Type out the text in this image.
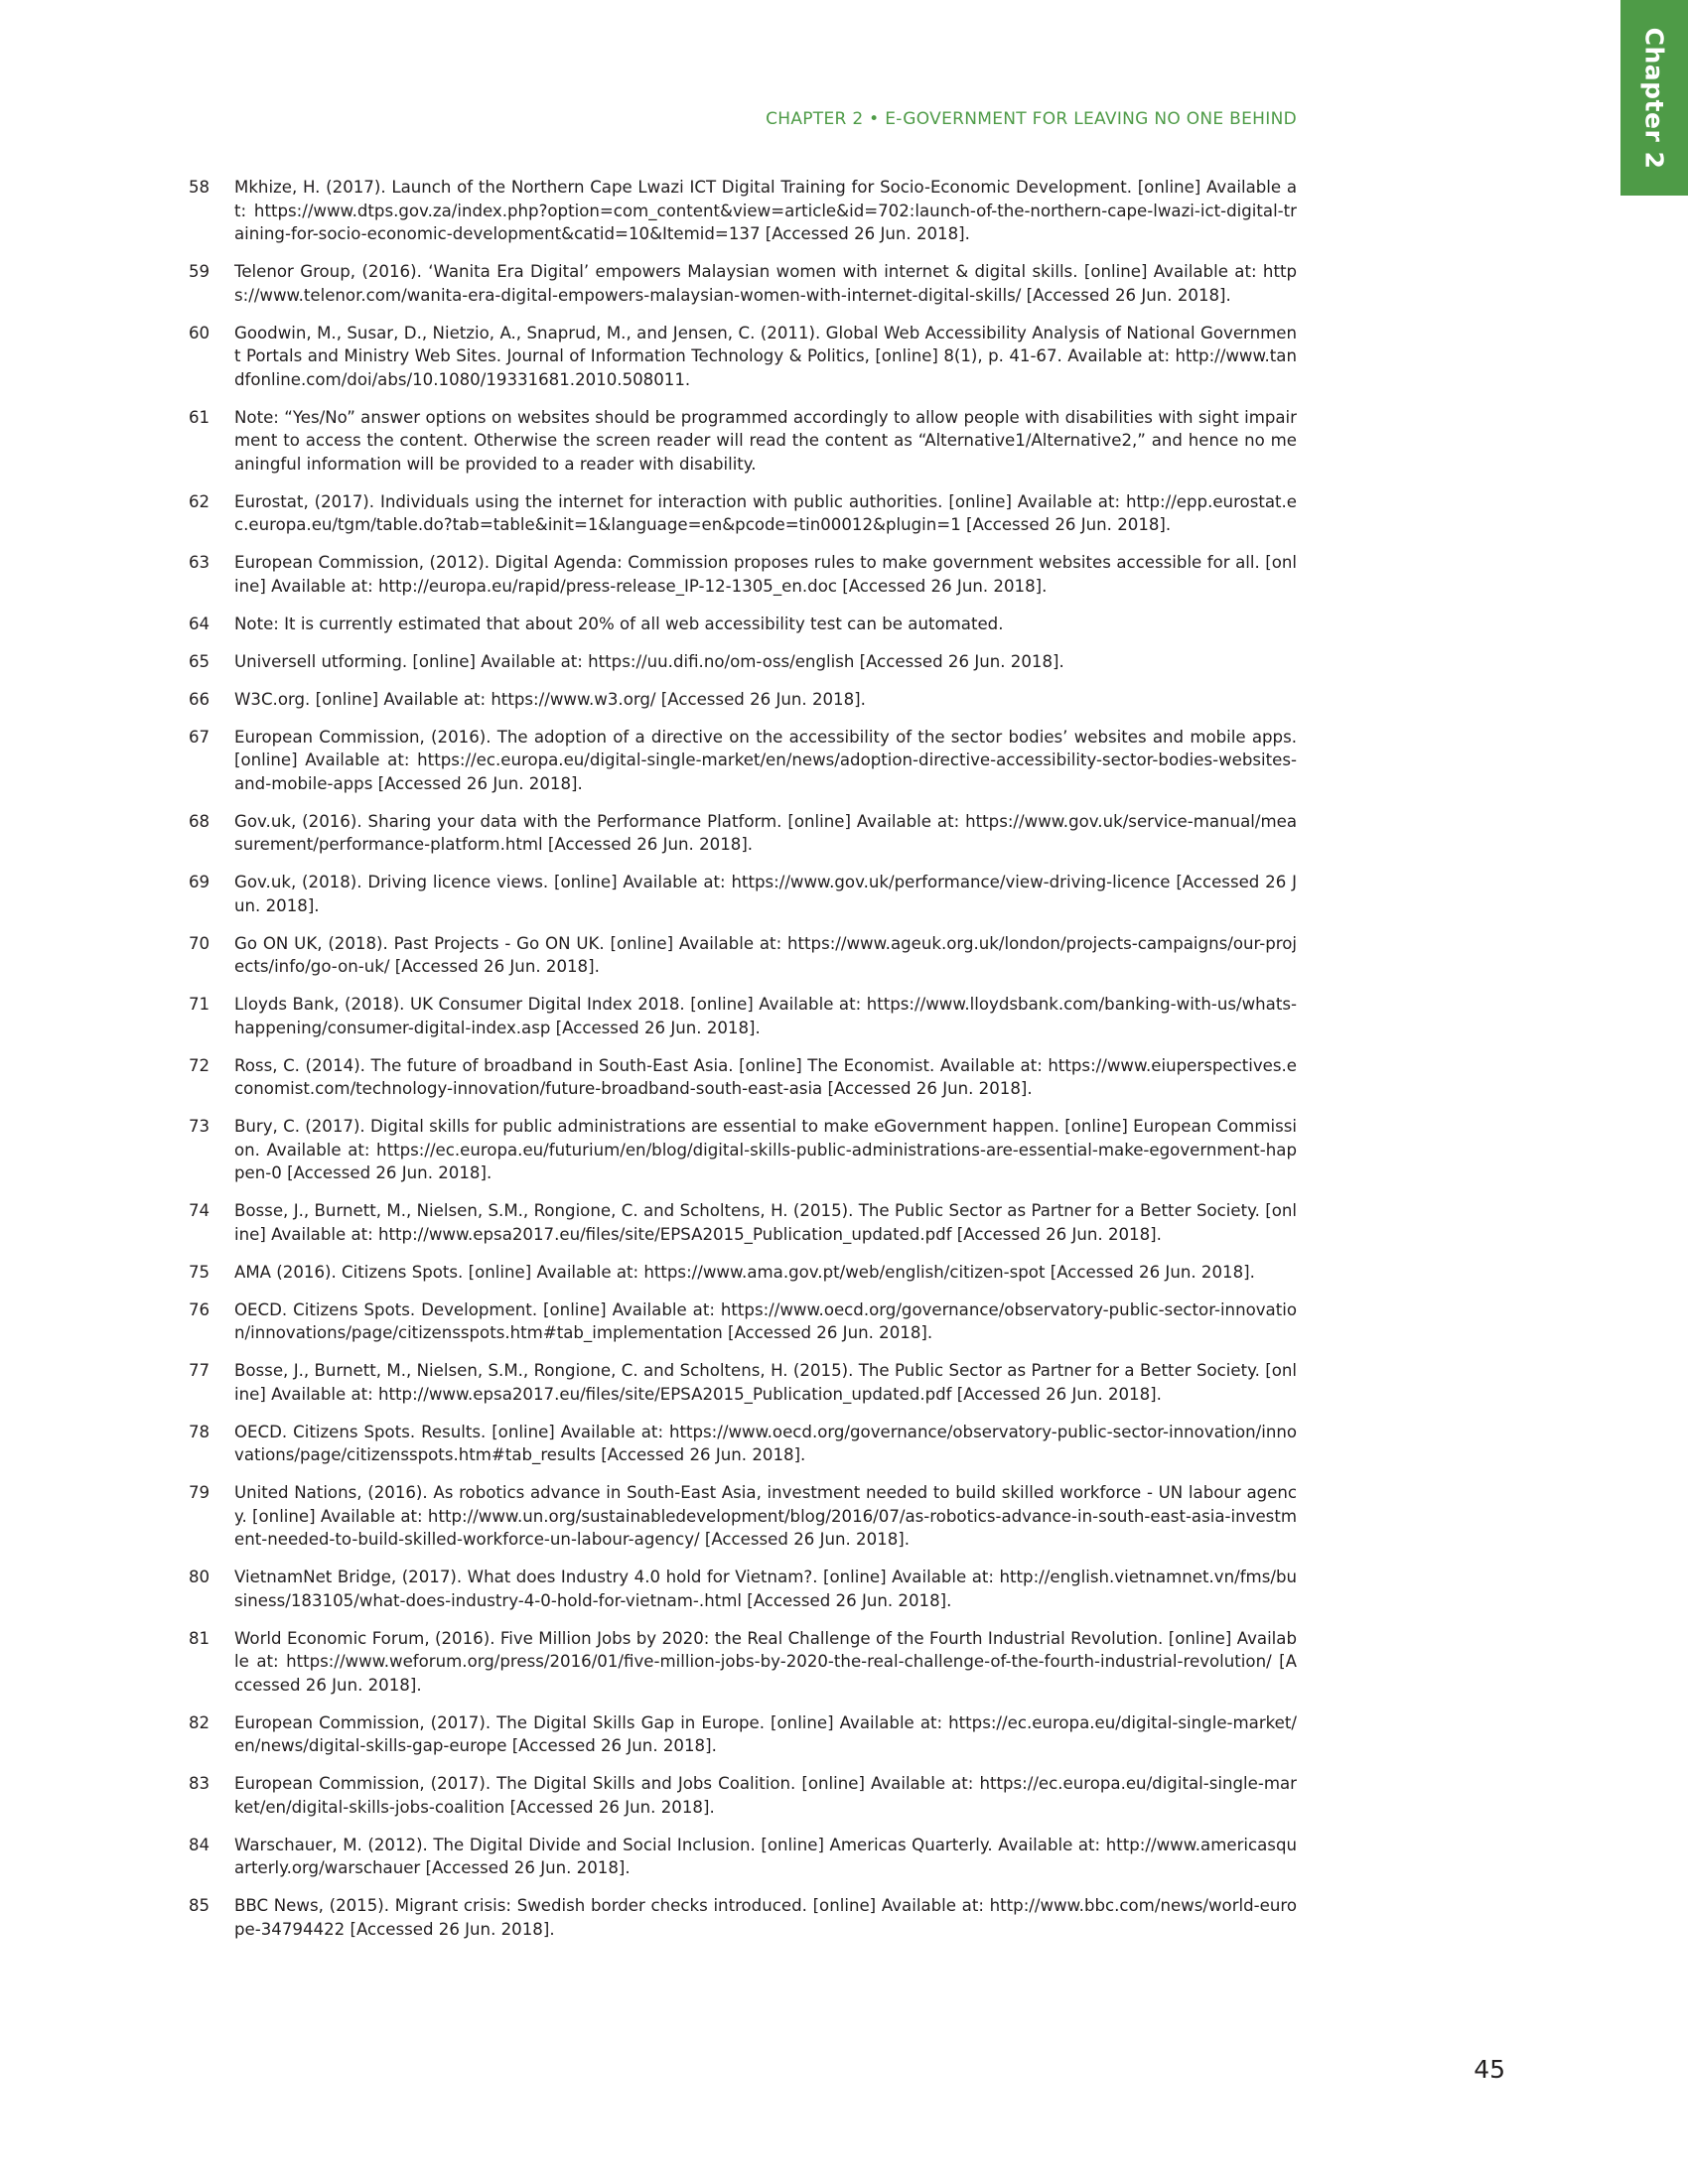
Chapter 2
CHAPTER 2 • E-GOVERNMENT FOR LEAVING NO ONE BEHIND
58	Mkhize, H. (2017). Launch of the Northern Cape Lwazi ICT Digital Training for Socio-Economic Development. [online] Available at: https://www.dtps.gov.za/index.php?option=com_content&view=article&id=702:launch-of-the-northern-cape-lwazi-ict-digital-training-for-socio-economic-development&catid=10&Itemid=137 [Accessed 26 Jun. 2018].
59	Telenor Group, (2016). ‘Wanita Era Digital’ empowers Malaysian women with internet & digital skills. [online] Available at: https://www.telenor.com/wanita-era-digital-empowers-malaysian-women-with-internet-digital-skills/ [Accessed 26 Jun. 2018].
60	Goodwin, M., Susar, D., Nietzio, A., Snaprud, M., and Jensen, C. (2011). Global Web Accessibility Analysis of National Government Portals and Ministry Web Sites. Journal of Information Technology & Politics, [online] 8(1), p. 41-67. Available at: http://www.tandfonline.com/doi/abs/10.1080/19331681.2010.508011.
61	Note: “Yes/No” answer options on websites should be programmed accordingly to allow people with disabilities with sight impairment to access the content. Otherwise the screen reader will read the content as “Alternative1/Alternative2,” and hence no meaningful information will be provided to a reader with disability.
62	Eurostat, (2017). Individuals using the internet for interaction with public authorities. [online] Available at: http://epp.eurostat.ec.europa.eu/tgm/table.do?tab=table&init=1&language=en&pcode=tin00012&plugin=1 [Accessed 26 Jun. 2018].
63	European Commission, (2012). Digital Agenda: Commission proposes rules to make government websites accessible for all. [online] Available at: http://europa.eu/rapid/press-release_IP-12-1305_en.doc [Accessed 26 Jun. 2018].
64	Note: It is currently estimated that about 20% of all web accessibility test can be automated.
65	Universell utforming. [online] Available at: https://uu.difi.no/om-oss/english [Accessed 26 Jun. 2018].
66	W3C.org. [online] Available at: https://www.w3.org/ [Accessed 26 Jun. 2018].
67	European Commission, (2016). The adoption of a directive on the accessibility of the sector bodies’ websites and mobile apps. [online] Available at: https://ec.europa.eu/digital-single-market/en/news/adoption-directive-accessibility-sector-bodies-websites-and-mobile-apps [Accessed 26 Jun. 2018].
68	Gov.uk, (2016). Sharing your data with the Performance Platform. [online] Available at: https://www.gov.uk/service-manual/measurement/performance-platform.html [Accessed 26 Jun. 2018].
69	Gov.uk, (2018). Driving licence views. [online] Available at: https://www.gov.uk/performance/view-driving-licence [Accessed 26 Jun. 2018].
70	Go ON UK, (2018). Past Projects - Go ON UK. [online] Available at: https://www.ageuk.org.uk/london/projects-campaigns/our-projects/info/go-on-uk/ [Accessed 26 Jun. 2018].
71	Lloyds Bank, (2018). UK Consumer Digital Index 2018. [online] Available at: https://www.lloydsbank.com/banking-with-us/whats-happening/consumer-digital-index.asp [Accessed 26 Jun. 2018].
72	Ross, C. (2014). The future of broadband in South-East Asia. [online] The Economist. Available at: https://www.eiuperspectives.economist.com/technology-innovation/future-broadband-south-east-asia [Accessed 26 Jun. 2018].
73	Bury, C. (2017). Digital skills for public administrations are essential to make eGovernment happen. [online] European Commission. Available at: https://ec.europa.eu/futurium/en/blog/digital-skills-public-administrations-are-essential-make-egovernment-happen-0 [Accessed 26 Jun. 2018].
74	Bosse, J., Burnett, M., Nielsen, S.M., Rongione, C. and Scholtens, H. (2015). The Public Sector as Partner for a Better Society. [online] Available at: http://www.epsa2017.eu/files/site/EPSA2015_Publication_updated.pdf [Accessed 26 Jun. 2018].
75	AMA (2016). Citizens Spots. [online] Available at: https://www.ama.gov.pt/web/english/citizen-spot [Accessed 26 Jun. 2018].
76	OECD. Citizens Spots. Development. [online] Available at: https://www.oecd.org/governance/observatory-public-sector-innovation/innovations/page/citizensspots.htm#tab_implementation [Accessed 26 Jun. 2018].
77	Bosse, J., Burnett, M., Nielsen, S.M., Rongione, C. and Scholtens, H. (2015). The Public Sector as Partner for a Better Society. [online] Available at: http://www.epsa2017.eu/files/site/EPSA2015_Publication_updated.pdf [Accessed 26 Jun. 2018].
78	OECD. Citizens Spots. Results. [online] Available at: https://www.oecd.org/governance/observatory-public-sector-innovation/innovations/page/citizensspots.htm#tab_results [Accessed 26 Jun. 2018].
79	United Nations, (2016). As robotics advance in South-East Asia, investment needed to build skilled workforce - UN labour agency. [online] Available at: http://www.un.org/sustainabledevelopment/blog/2016/07/as-robotics-advance-in-south-east-asia-investment-needed-to-build-skilled-workforce-un-labour-agency/ [Accessed 26 Jun. 2018].
80	VietnamNet Bridge, (2017). What does Industry 4.0 hold for Vietnam?. [online] Available at: http://english.vietnamnet.vn/fms/business/183105/what-does-industry-4-0-hold-for-vietnam-.html [Accessed 26 Jun. 2018].
81	World Economic Forum, (2016). Five Million Jobs by 2020: the Real Challenge of the Fourth Industrial Revolution. [online] Available at: https://www.weforum.org/press/2016/01/five-million-jobs-by-2020-the-real-challenge-of-the-fourth-industrial-revolution/ [Accessed 26 Jun. 2018].
82	European Commission, (2017). The Digital Skills Gap in Europe. [online] Available at: https://ec.europa.eu/digital-single-market/en/news/digital-skills-gap-europe [Accessed 26 Jun. 2018].
83	European Commission, (2017). The Digital Skills and Jobs Coalition. [online] Available at: https://ec.europa.eu/digital-single-market/en/digital-skills-jobs-coalition [Accessed 26 Jun. 2018].
84	Warschauer, M. (2012). The Digital Divide and Social Inclusion. [online] Americas Quarterly. Available at: http://www.americasquarterly.org/warschauer [Accessed 26 Jun. 2018].
85	BBC News, (2015). Migrant crisis: Swedish border checks introduced. [online] Available at: http://www.bbc.com/news/world-europe-34794422 [Accessed 26 Jun. 2018].
45
